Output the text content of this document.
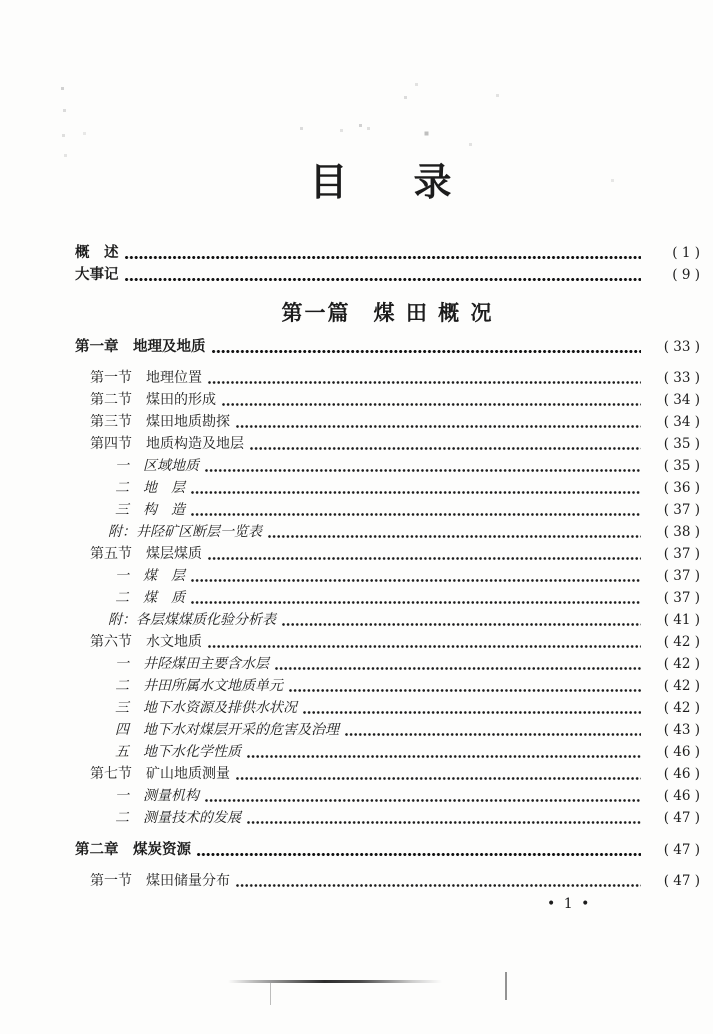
目　录
概　述	( 1 )
大事记	( 9 )
第一篇　煤 田 概 况
第一章　地理及地质	( 33 )
第一节　地理位置	( 33 )
第二节　煤田的形成	( 34 )
第三节　煤田地质勘探	( 34 )
第四节　地质构造及地层	( 35 )
一　区域地质	( 35 )
二　地　层	( 36 )
三　构　造	( 37 )
附：井陉矿区断层一览表	( 38 )
第五节　煤层煤质	( 37 )
一　煤　层	( 37 )
二　煤　质	( 37 )
附：各层煤煤质化验分析表	( 41 )
第六节　水文地质	( 42 )
一　井陉煤田主要含水层	( 42 )
二　井田所属水文地质单元	( 42 )
三　地下水资源及排供水状况	( 42 )
四　地下水对煤层开采的危害及治理	( 43 )
五　地下水化学性质	( 46 )
第七节　矿山地质测量	( 46 )
一　测量机构	( 46 )
二　测量技术的发展	( 47 )
第二章　煤炭资源	( 47 )
第一节　煤田储量分布	( 47 )
• 1 •
